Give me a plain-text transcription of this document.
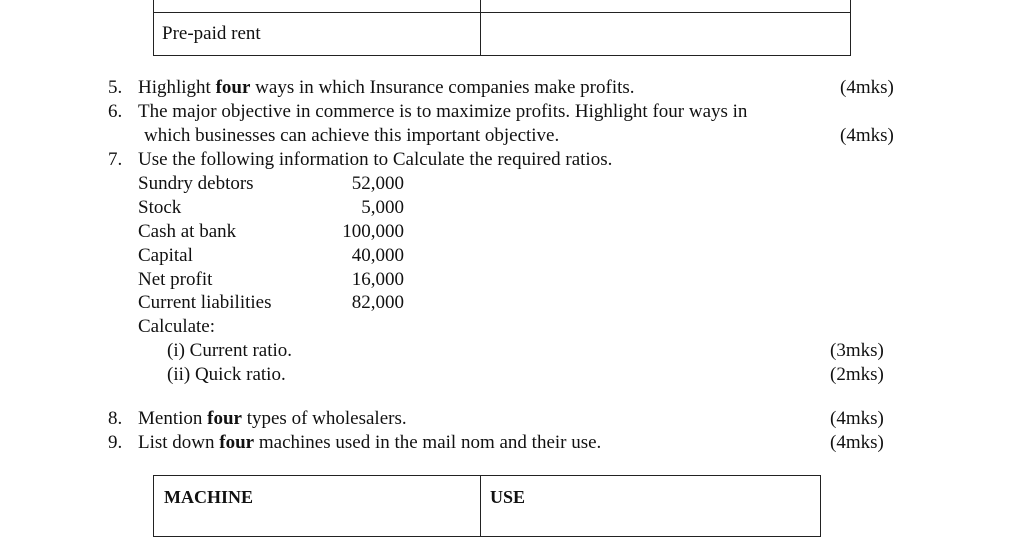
Pre-paid rent
5. Highlight four ways in which Insurance companies make profits.	(4mks)
6. The major objective in commerce is to maximize profits. Highlight four ways in
which businesses can achieve this important objective.	(4mks)
7. Use the following information to Calculate the required ratios.
Sundry debtors	52,000
Stock	5,000
Cash at bank	100,000
Capital	40,000
Net profit	16,000
Current liabilities	82,000
Calculate:
(i) Current ratio.	(3mks)
(ii) Quick ratio.	(2mks)
8. Mention four types of wholesalers.	(4mks)
9. List down four machines used in the mail nom and their use.	(4mks)
MACHINE	USE
